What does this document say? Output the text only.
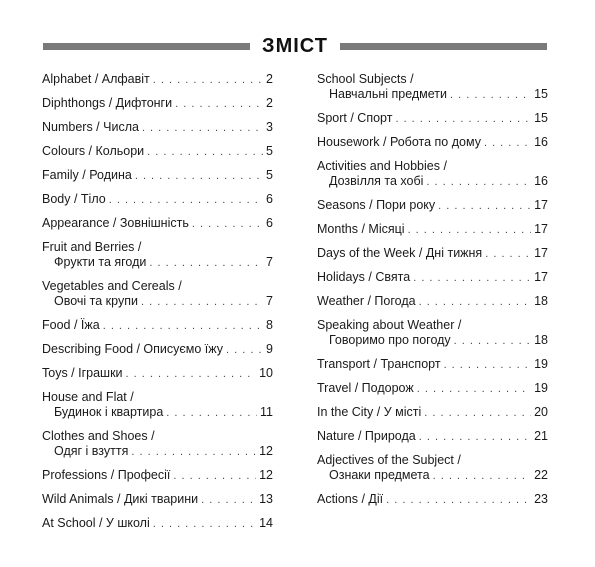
ЗМІСТ
Alphabet / Алфавіт . . .	2
Diphthongs / Дифтонги . . .	2
Numbers / Числа . . .	3
Colours / Кольори . . .	5
Family / Родина . . .	5
Body / Тіло . . .	6
Appearance / Зовнішність . . .	6
Fruit and Berries /
Фрукти та ягоди . . .	7
Vegetables and Cereals /
Овочі та крупи . . .	7
Food / Їжа . . .	8
Describing Food / Описуємо їжу . . .	9
Toys / Іграшки . . .	10
House and Flat /
Будинок і квартира . . .	11
Clothes and Shoes /
Одяг і взуття . . .	12
Professions / Професії . . .	12
Wild Animals / Дикі тварини . . .	13
At School / У школі . . .	14
School Subjects /
Навчальні предмети . . .	15
Sport / Спорт . . .	15
Housework / Робота по дому . . .	16
Activities and Hobbies /
Дозвілля та хобі . . .	16
Seasons / Пори року . . .	17
Months / Місяці . . .	17
Days of the Week / Дні тижня . . .	17
Holidays / Свята . . .	17
Weather / Погода . . .	18
Speaking about Weather /
Говоримо про погоду . . .	18
Transport / Транспорт . . .	19
Travel / Подорож . . .	19
In the City / У місті . . .	20
Nature / Природа . . .	21
Adjectives of the Subject /
Ознаки предмета . . .	22
Actions / Дії . . .	23
